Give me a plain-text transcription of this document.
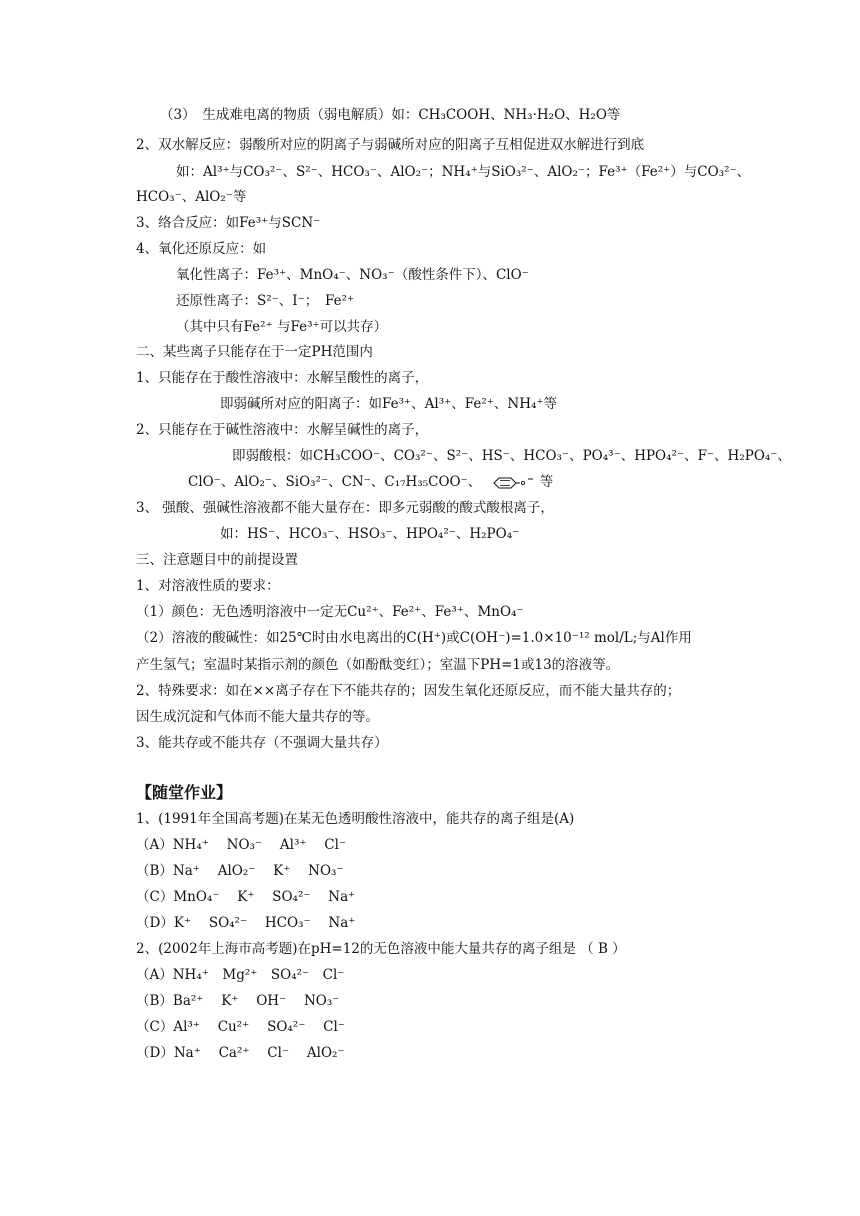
（3）　生成难电离的物质（弱电解质）如：CH₃COOH、NH₃·H₂O、H₂O等
2、双水解反应：弱酸所对应的阴离子与弱碱所对应的阳离子互相促进双水解进行到底
如：Al³⁺与CO₃²⁻、S²⁻、HCO₃⁻、AlO₂⁻；NH₄⁺与SiO₃²⁻、AlO₂⁻；Fe³⁺（Fe²⁺）与CO₃²⁻、
HCO₃⁻、AlO₂⁻等
3、络合反应：如Fe³⁺与SCN⁻
4、氧化还原反应：如
氧化性离子：Fe³⁺、MnO₄⁻、NO₃⁻（酸性条件下）、ClO⁻
还原性离子：S²⁻、I⁻；　Fe²⁺
（其中只有Fe²⁺ 与Fe³⁺可以共存）
二、某些离子只能存在于一定PH范围内
1、只能存在于酸性溶液中：水解呈酸性的离子，
即弱碱所对应的阳离子：如Fe³⁺、Al³⁺、Fe²⁺、NH₄⁺等
2、只能存在于碱性溶液中：水解呈碱性的离子，
即弱酸根：如CH₃COO⁻、CO₃²⁻、S²⁻、HS⁻、HCO₃⁻、PO₄³⁻、HPO₄²⁻、F⁻、H₂PO₄⁻、
ClO⁻、AlO₂⁻、SiO₃²⁻、CN⁻、C₁₇H₃₅COO⁻、	等
3、 强酸、强碱性溶液都不能大量存在：即多元弱酸的酸式酸根离子，
如：HS⁻、HCO₃⁻、HSO₃⁻、HPO₄²⁻、H₂PO₄⁻
三、注意题目中的前提设置
1、对溶液性质的要求：
（1）颜色：无色透明溶液中一定无Cu²⁺、Fe²⁺、Fe³⁺、MnO₄⁻
（2）溶液的酸碱性：如25℃时由水电离出的C(H⁺)或C(OH⁻)=1.0×10⁻¹² mol/L;与Al作用
产生氢气；室温时某指示剂的颜色（如酚酞变红）；室温下PH=1或13的溶液等。
2、特殊要求：如在××离子存在下不能共存的；因发生氧化还原反应，而不能大量共存的；
因生成沉淀和气体而不能大量共存的等。
3、能共存或不能共存（不强调大量共存）
【随堂作业】
1、(1991年全国高考题)在某无色透明酸性溶液中，能共存的离子组是(A)
（A）NH₄⁺　 NO₃⁻　 Al³⁺　 Cl⁻
（B）Na⁺　 AlO₂⁻　 K⁺　 NO₃⁻
（C）MnO₄⁻　 K⁺　 SO₄²⁻　 Na⁺
（D）K⁺　 SO₄²⁻　 HCO₃⁻　 Na⁺
2、(2002年上海市高考题)在pH=12的无色溶液中能大量共存的离子组是 （ B ）
（A）NH₄⁺　Mg²⁺　SO₄²⁻　Cl⁻
（B）Ba²⁺　 K⁺　 OH⁻　 NO₃⁻
（C）Al³⁺　 Cu²⁺　 SO₄²⁻　 Cl⁻
（D）Na⁺　 Ca²⁺　 Cl⁻　 AlO₂⁻
